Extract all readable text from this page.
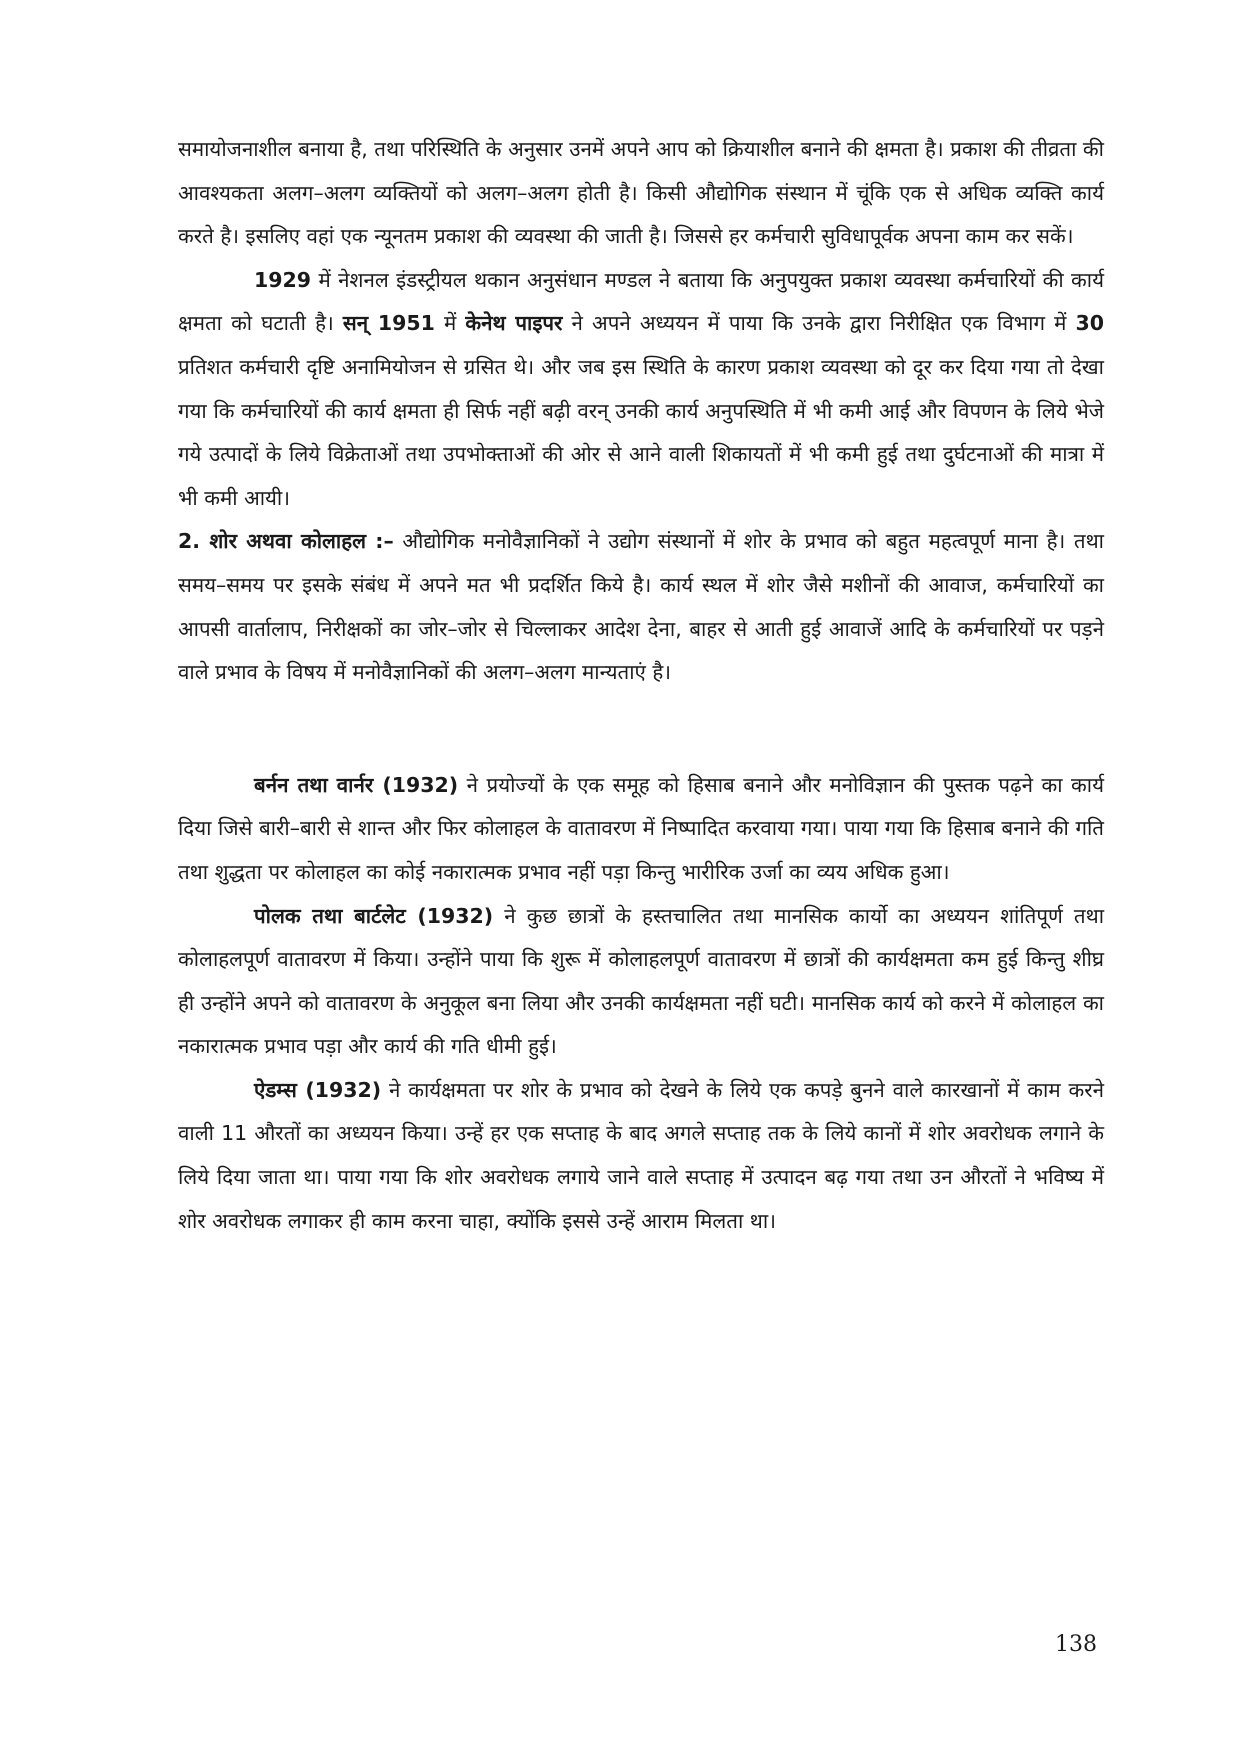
समायोजनाशील बनाया है, तथा परिस्थिति के अनुसार उनमें अपने आप को क्रियाशील बनाने की क्षमता है। प्रकाश की तीव्रता की आवश्यकता अलग–अलग व्यक्तियों को अलग–अलग होती है। किसी औद्योगिक संस्थान में चूंकि एक से अधिक व्यक्ति कार्य करते है। इसलिए वहां एक न्यूनतम प्रकाश की व्यवस्था की जाती है। जिससे हर कर्मचारी सुविधापूर्वक अपना काम कर सकें।

1929 में नेशनल इंडस्ट्रीयल थकान अनुसंधान मण्डल ने बताया कि अनुपयुक्त प्रकाश व्यवस्था कर्मचारियों की कार्य क्षमता को घटाती है। सन् 1951 में केनेथ पाइपर ने अपने अध्ययन में पाया कि उनके द्वारा निरीक्षित एक विभाग में 30 प्रतिशत कर्मचारी दृष्टि अनामियोजन से ग्रसित थे। और जब इस स्थिति के कारण प्रकाश व्यवस्था को दूर कर दिया गया तो देखा गया कि कर्मचारियों की कार्य क्षमता ही सिर्फ नहीं बढ़ी वरन् उनकी कार्य अनुपस्थिति में भी कमी आई और विपणन के लिये भेजे गये उत्पादों के लिये विक्रेताओं तथा उपभोक्ताओं की ओर से आने वाली शिकायतों में भी कमी हुई तथा दुर्घटनाओं की मात्रा में भी कमी आयी।

2. शोर अथवा कोलाहल :– औद्योगिक मनोवैज्ञानिकों ने उद्योग संस्थानों में शोर के प्रभाव को बहुत महत्वपूर्ण माना है। तथा समय–समय पर इसके संबंध में अपने मत भी प्रदर्शित किये है। कार्य स्थल में शोर जैसे मशीनों की आवाज, कर्मचारियों का आपसी वार्तालाप, निरीक्षकों का जोर–जोर से चिल्लाकर आदेश देना, बाहर से आती हुई आवाजें आदि के कर्मचारियों पर पड़ने वाले प्रभाव के विषय में मनोवैज्ञानिकों की अलग–अलग मान्यताएं है।

बर्नन तथा वार्नर (1932) ने प्रयोज्यों के एक समूह को हिसाब बनाने और मनोविज्ञान की पुस्तक पढ़ने का कार्य दिया जिसे बारी–बारी से शान्त और फिर कोलाहल के वातावरण में निष्पादित करवाया गया। पाया गया कि हिसाब बनाने की गति तथा शुद्धता पर कोलाहल का कोई नकारात्मक प्रभाव नहीं पड़ा किन्तु भारीरिक उर्जा का व्यय अधिक हुआ।

पोलक तथा बार्टलेट (1932) ने कुछ छात्रों के हस्तचालित तथा मानसिक कार्यो का अध्ययन शांतिपूर्ण तथा कोलाहलपूर्ण वातावरण में किया। उन्होंने पाया कि शुरू में कोलाहलपूर्ण वातावरण में छात्रों की कार्यक्षमता कम हुई किन्तु शीघ्र ही उन्होंने अपने को वातावरण के अनुकूल बना लिया और उनकी कार्यक्षमता नहीं घटी। मानसिक कार्य को करने में कोलाहल का नकारात्मक प्रभाव पड़ा और कार्य की गति धीमी हुई।

ऐडम्स (1932) ने कार्यक्षमता पर शोर के प्रभाव को देखने के लिये एक कपड़े बुनने वाले कारखानों में काम करने वाली 11 औरतों का अध्ययन किया। उन्हें हर एक सप्ताह के बाद अगले सप्ताह तक के लिये कानों में शोर अवरोधक लगाने के लिये दिया जाता था। पाया गया कि शोर अवरोधक लगाये जाने वाले सप्ताह में उत्पादन बढ़ गया तथा उन औरतों ने भविष्य में शोर अवरोधक लगाकर ही काम करना चाहा, क्योंकि इससे उन्हें आराम मिलता था।

138
